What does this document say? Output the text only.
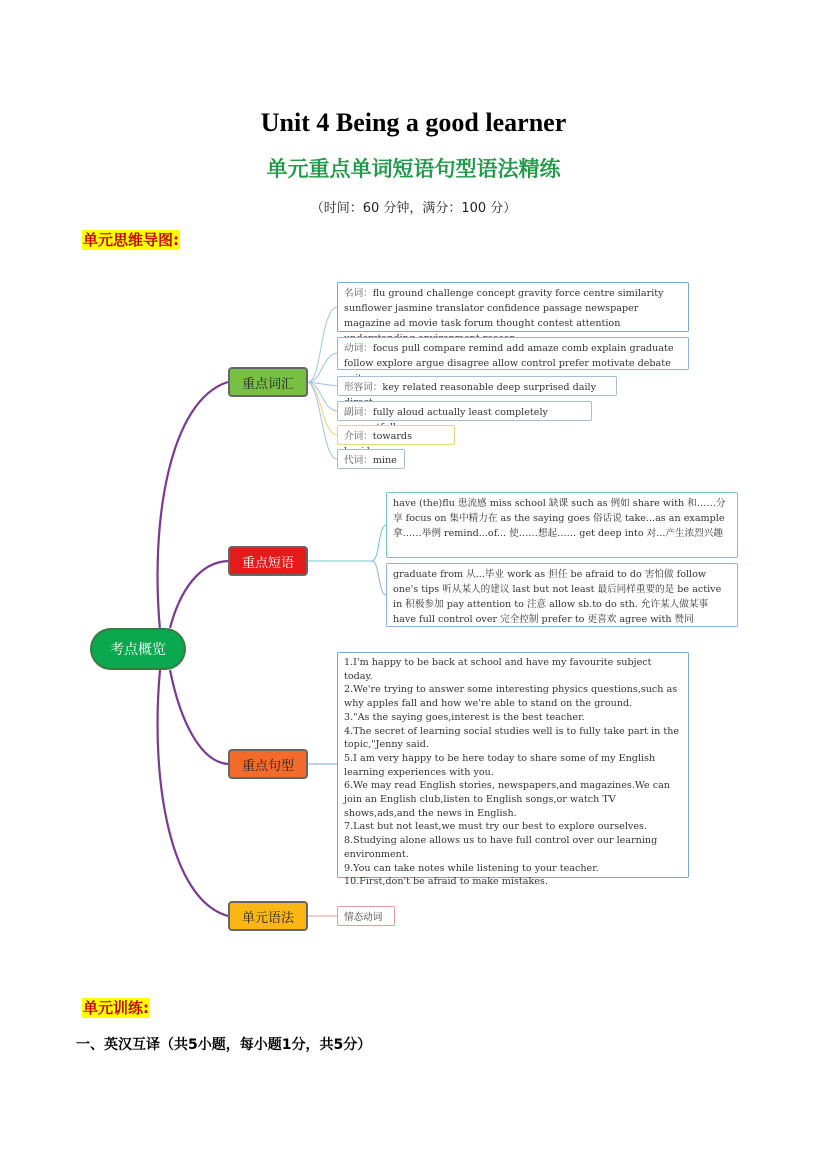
Unit 4 Being a good learner
单元重点单词短语句型语法精练
（时间：60 分钟，满分：100 分）
单元思维导图:
考点概览
重点词汇
重点短语
重点句型
单元语法
名词：flu ground challenge concept gravity force centre similarity sunflower jasmine translator confidence passage newspaper magazine ad movie task forum thought contest attention
动词：focus pull compare remind add amaze comb explain graduate follow explore argue disagree allow control prefer motivate debate
形容词：key related reasonable deep surprised daily
副词：fully aloud actually least completely
介词：towards
代词：mine
have (the)flu 患流感 miss school 缺课 such as 例如 share with 和……分享 focus on 集中精力在 as the saying goes 俗话说 take...as an example 拿……举例 remind...of... 使……想起…… get deep into 对...产生浓烈兴趣
graduate from 从...毕业 work as 担任 be afraid to do 害怕做 follow one's tips 听从某人的建议 last but not least 最后同样重要的是 be active in 积极参加 pay attention to 注意 allow sb.to do sth. 允许某人做某事 have full control over 完全控制 prefer to 更喜欢 agree with 赞同
1.I'm happy to be back at school and have my favourite subject today.
2.We're trying to answer some interesting physics questions,such as why apples fall and how we're able to stand on the ground.
3."As the saying goes,interest is the best teacher.
4.The secret of learning social studies well is to fully take part in the topic,"Jenny said.
5.I am very happy to be here today to share some of my English learning experiences with you.
6.We may read English stories, newspapers,and magazines.We can join an English club,listen to English songs,or watch TV shows,ads,and the news in English.
7.Last but not least,we must try our best to explore ourselves.
8.Studying alone allows us to have full control over our learning environment.
9.You can take notes while listening to your teacher.
10.First,don't be afraid to make mistakes.
情态动词
单元训练:
一、英汉互译（共5小题，每小题1分，共5分）
